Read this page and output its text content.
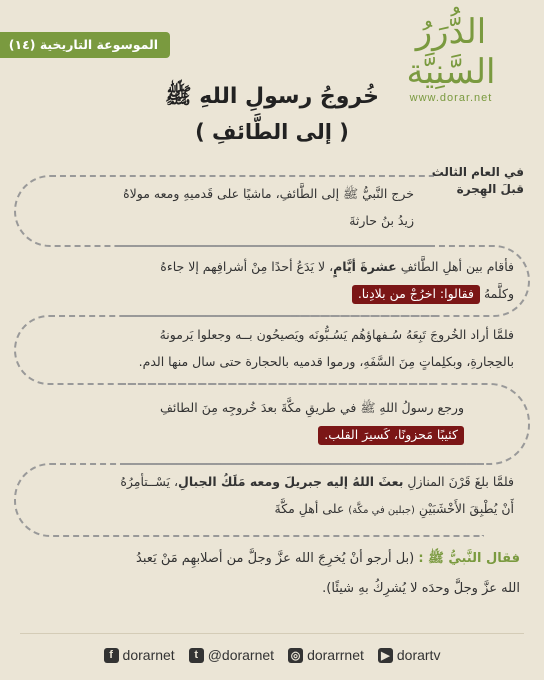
الدُّرَرُ السَّنِيَّة
www.dorar.net
الموسوعة التاريخية (١٤)
خُروجُ رسولِ اللهِ ﷺ
( إلى الطَّائفِ )
في العام الثالث
قبلَ الهِجرة
خرج النَّبيُّ ﷺ إلى الطَّائفِ، ماشيًا على قَدميهِ ومعه مولاهُ
زيدُ بنُ حارثةَ
فأقام بين أهلِ الطَّائفِ عشرةَ أيَّامٍ، لا يَدَعُ أحدًا مِنْ أشرافِهم إلا جاءهُ
وكلَّمهُ فقالوا: اخرُجْ من بلادِنا.
فلمَّا أراد الخُروجَ تَبِعَهُ سُـفهاؤهُم يَسُـبُّونَه ويَصيحُون بــه وجعلوا يَرمونهُ
بالحِجارةِ، وبكلِماتٍ مِنَ السَّفَهِ، ورموا قدميه بالحجارة حتى سال منها الدم.
ورجع رسولُ اللهِ ﷺ في طريقِ مكَّةَ بعدَ خُروجِه مِنَ الطائفِ
كئيبًا مَحزونًا، كَسيرَ القلب.
فلمَّا بلغَ قَرْنَ المنازلِ بعثَ اللهُ إليه جبريلَ ومعه مَلَكُ الجبالِ، يَسْــتأمِرُهُ
أَنْ يُطْبِقَ الأَخْشَبَيْنِ (جبلين في مكَّة) على أهلِ مكَّةَ
فقال النَّبيُّ ﷺ : (بل أرجو أنْ يُخرِجَ الله عزَّ وجلَّ من أصلابهِم مَنْ يَعبدُ
الله عزَّ وجلَّ وحدَه لا يُشرِكُ بهِ شيئًا).
f dorarnet	t @dorarnet ◎ dorarrnet ▶ dorartv
